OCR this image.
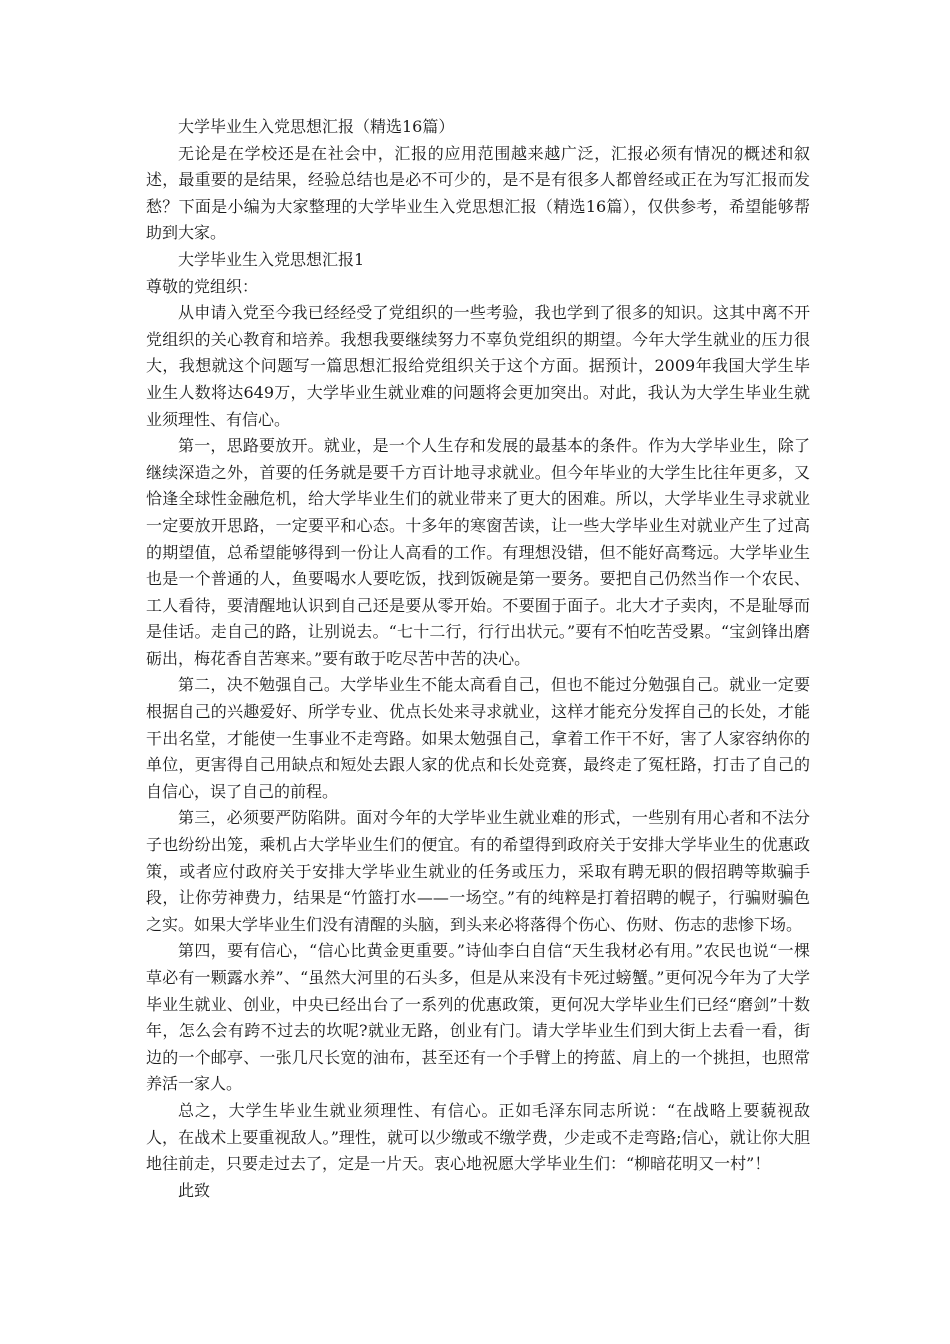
大学毕业生入党思想汇报（精选16篇）

无论是在学校还是在社会中，汇报的应用范围越来越广泛，汇报必须有情况的概述和叙述，最重要的是结果，经验总结也是必不可少的，是不是有很多人都曾经或正在为写汇报而发愁？下面是小编为大家整理的大学毕业生入党思想汇报（精选16篇），仅供参考，希望能够帮助到大家。

大学毕业生入党思想汇报1

尊敬的党组织：

从申请入党至今我已经经受了党组织的一些考验，我也学到了很多的知识。这其中离不开党组织的关心教育和培养。我想我要继续努力不辜负党组织的期望。今年大学生就业的压力很大，我想就这个问题写一篇思想汇报给党组织关于这个方面。据预计，2009年我国大学生毕业生人数将达649万，大学毕业生就业难的问题将会更加突出。对此，我认为大学生毕业生就业须理性、有信心。

第一，思路要放开。就业，是一个人生存和发展的最基本的条件。作为大学毕业生，除了继续深造之外，首要的任务就是要千方百计地寻求就业。但今年毕业的大学生比往年更多，又恰逢全球性金融危机，给大学毕业生们的就业带来了更大的困难。所以，大学毕业生寻求就业一定要放开思路，一定要平和心态。十多年的寒窗苦读，让一些大学毕业生对就业产生了过高的期望值，总希望能够得到一份让人高看的工作。有理想没错，但不能好高骛远。大学毕业生也是一个普通的人，鱼要喝水人要吃饭，找到饭碗是第一要务。要把自己仍然当作一个农民、工人看待，要清醒地认识到自己还是要从零开始。不要囿于面子。北大才子卖肉，不是耻辱而是佳话。走自己的路，让别说去。“七十二行，行行出状元。”要有不怕吃苦受累。“宝剑锋出磨砺出，梅花香自苦寒来。”要有敢于吃尽苦中苦的决心。

第二，决不勉强自己。大学毕业生不能太高看自己，但也不能过分勉强自己。就业一定要根据自己的兴趣爱好、所学专业、优点长处来寻求就业，这样才能充分发挥自己的长处，才能干出名堂，才能使一生事业不走弯路。如果太勉强自己，拿着工作干不好，害了人家容纳你的单位，更害得自己用缺点和短处去跟人家的优点和长处竞赛，最终走了冤枉路，打击了自己的自信心，误了自己的前程。

第三，必须要严防陷阱。面对今年的大学毕业生就业难的形式，一些别有用心者和不法分子也纷纷出笼，乘机占大学毕业生们的便宜。有的希望得到政府关于安排大学毕业生的优惠政策，或者应付政府关于安排大学毕业生就业的任务或压力，采取有聘无职的假招聘等欺骗手段，让你劳神费力，结果是“竹篮打水——一场空。”有的纯粹是打着招聘的幌子，行骗财骗色之实。如果大学毕业生们没有清醒的头脑，到头来必将落得个伤心、伤财、伤志的悲惨下场。

第四，要有信心，“信心比黄金更重要。”诗仙李白自信“天生我材必有用。”农民也说“一棵草必有一颗露水养”、“虽然大河里的石头多，但是从来没有卡死过螃蟹。”更何况今年为了大学毕业生就业、创业，中央已经出台了一系列的优惠政策，更何况大学毕业生们已经“磨剑”十数年，怎么会有跨不过去的坎呢?就业无路，创业有门。请大学毕业生们到大街上去看一看，街边的一个邮亭、一张几尺长宽的油布，甚至还有一个手臂上的挎蓝、肩上的一个挑担，也照常养活一家人。

总之，大学生毕业生就业须理性、有信心。正如毛泽东同志所说：“在战略上要藐视敌人，在战术上要重视敌人。”理性，就可以少缴或不缴学费，少走或不走弯路;信心，就让你大胆地往前走，只要走过去了，定是一片天。衷心地祝愿大学毕业生们：“柳暗花明又一村”！

此致
